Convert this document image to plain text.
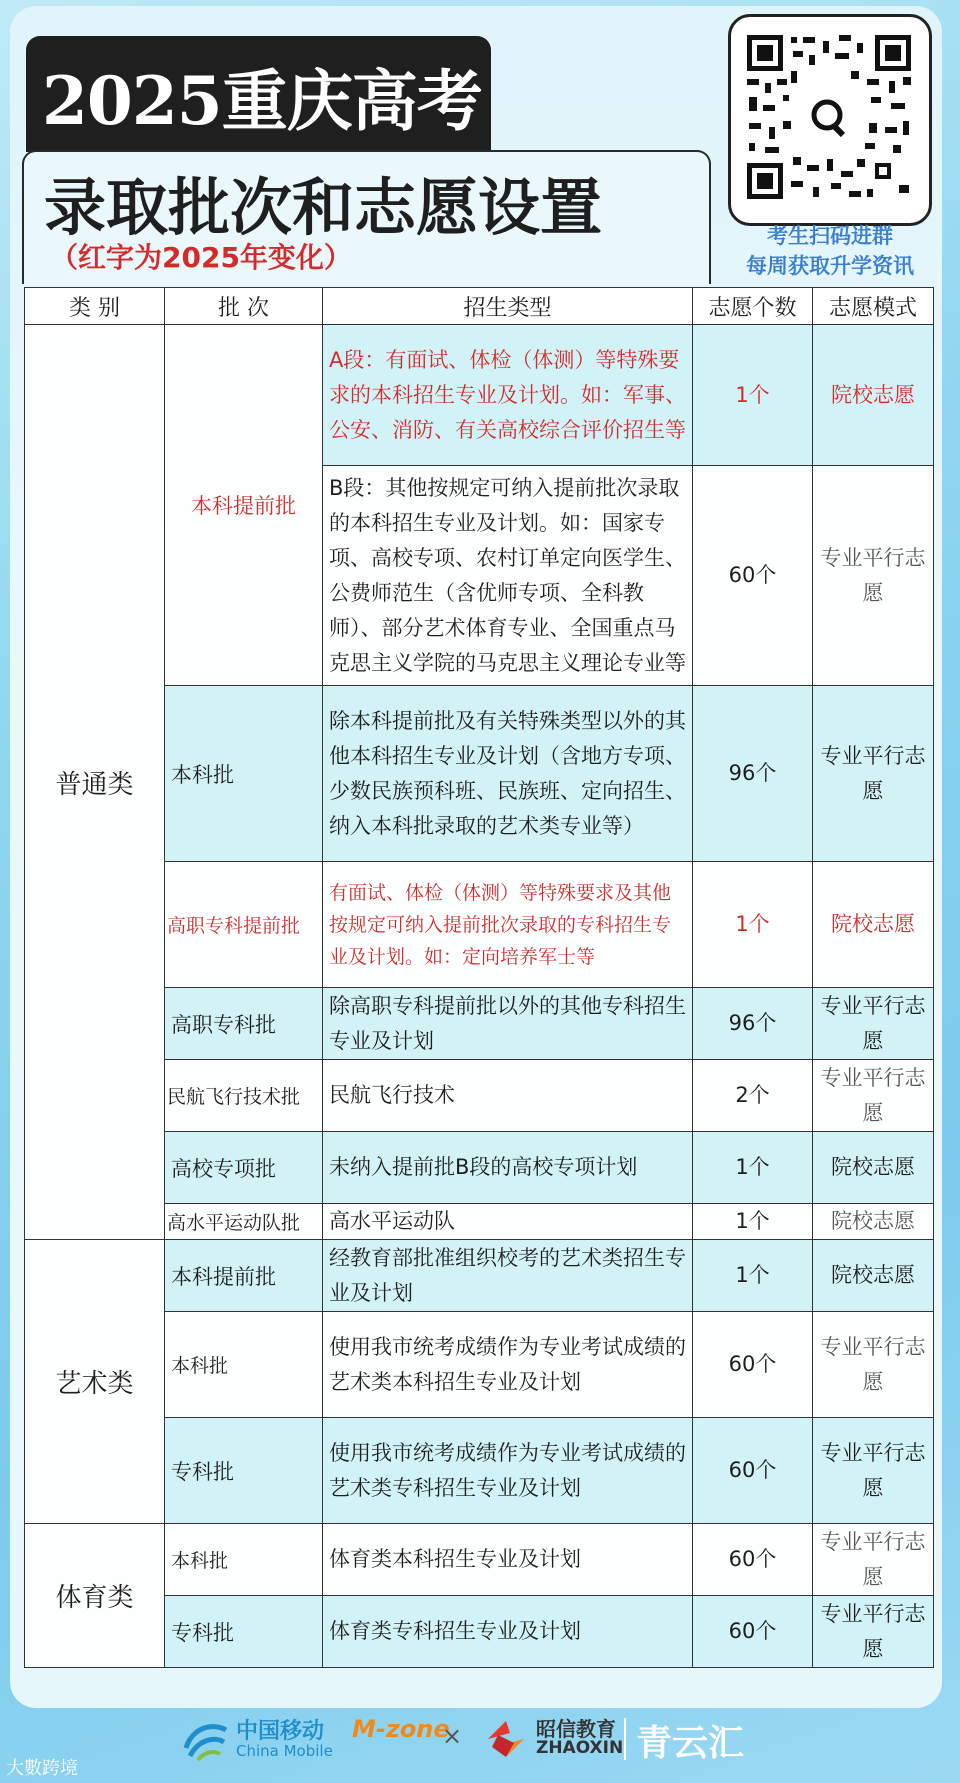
2025重庆高考
录取批次和志愿设置
（红字为2025年变化）
考生扫码进群
每周获取升学资讯
类 别	批 次	招生类型	志愿个数	志愿模式
普通类	本科提前批	A段：有面试、体检（体测）等特殊要求的本科招生专业及计划。如：军事、公安、消防、有关高校综合评价招生等	1个	院校志愿
		B段：其他按规定可纳入提前批次录取的本科招生专业及计划。如：国家专项、高校专项、农村订单定向医学生、公费师范生（含优师专项、全科教师）、部分艺术体育专业、全国重点马克思主义学院的马克思主义理论专业等	60个	专业平行志愿
	本科批	除本科提前批及有关特殊类型以外的其他本科招生专业及计划（含地方专项、少数民族预科班、民族班、定向招生、纳入本科批录取的艺术类专业等）	96个	专业平行志愿
	高职专科提前批	有面试、体检（体测）等特殊要求及其他按规定可纳入提前批次录取的专科招生专业及计划。如：定向培养军士等	1个	院校志愿
	高职专科批	除高职专科提前批以外的其他专科招生专业及计划	96个	专业平行志愿
	民航飞行技术批	民航飞行技术	2个	专业平行志愿
	高校专项批	未纳入提前批B段的高校专项计划	1个	院校志愿
	高水平运动队批	高水平运动队	1个	院校志愿

艺术类	本科提前批	经教育部批准组织校考的艺术类招生专业及计划	1个	院校志愿
	本科批	使用我市统考成绩作为专业考试成绩的艺术类本科招生专业及计划	60个	专业平行志愿
	专科批	使用我市统考成绩作为专业考试成绩的艺术类专科招生专业及计划	60个	专业平行志愿
体育类	本科批	体育类本科招生专业及计划	60个	专业平行志愿
	专科批	体育类专科招生专业及计划	60个	专业平行志愿
中国移动
China Mobile
M-zone
×	昭信教育
ZHAOXIN 青云汇
大數跨境
